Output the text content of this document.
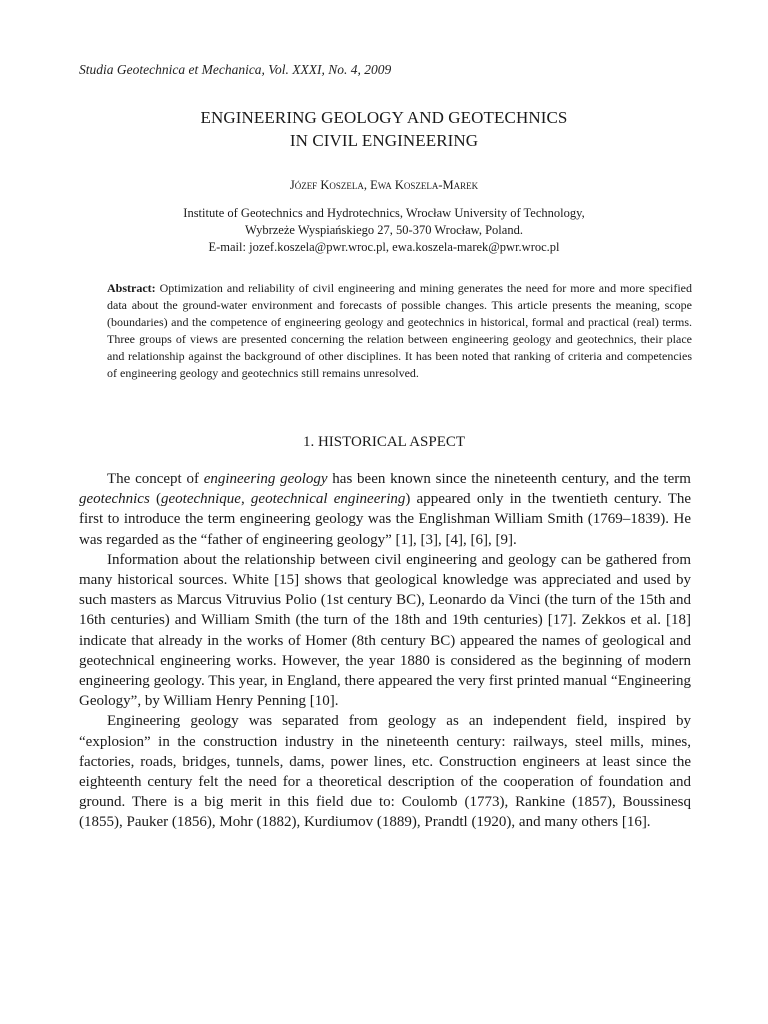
Studia Geotechnica et Mechanica, Vol. XXXI, No. 4, 2009
ENGINEERING GEOLOGY AND GEOTECHNICS
IN CIVIL ENGINEERING
Józef Koszela, Ewa Koszela-Marek
Institute of Geotechnics and Hydrotechnics, Wrocław University of Technology,
Wybrzeże Wyspiańskiego 27, 50-370 Wrocław, Poland.
E-mail: jozef.koszela@pwr.wroc.pl, ewa.koszela-marek@pwr.wroc.pl
Abstract: Optimization and reliability of civil engineering and mining generates the need for more and more specified data about the ground-water environment and forecasts of possible changes. This article presents the meaning, scope (boundaries) and the competence of engineering geology and geotechnics in historical, formal and practical (real) terms. Three groups of views are presented concerning the relation between engineering geology and geotechnics, their place and relationship against the background of other disciplines. It has been noted that ranking of criteria and competencies of engineering geology and geotechnics still remains unresolved.
1. HISTORICAL ASPECT

The concept of engineering geology has been known since the nineteenth century, and the term geotechnics (geotechnique, geotechnical engineering) appeared only in the twentieth century. The first to introduce the term engineering geology was the Englishman William Smith (1769–1839). He was regarded as the “father of engineering geology” [1], [3], [4], [6], [9].

Information about the relationship between civil engineering and geology can be gathered from many historical sources. White [15] shows that geological knowledge was appreciated and used by such masters as Marcus Vitruvius Polio (1st century BC), Leonardo da Vinci (the turn of the 15th and 16th centuries) and William Smith (the turn of the 18th and 19th centuries) [17]. Zekkos et al. [18] indicate that already in the works of Homer (8th century BC) appeared the names of geological and geotechnical engineering works. However, the year 1880 is considered as the beginning of modern engineering geology. This year, in England, there appeared the very first printed manual “Engineering Geology”, by William Henry Penning [10].

Engineering geology was separated from geology as an independent field, inspired by “explosion” in the construction industry in the nineteenth century: railways, steel mills, mines, factories, roads, bridges, tunnels, dams, power lines, etc. Construction engineers at least since the eighteenth century felt the need for a theoretical description of the cooperation of foundation and ground. There is a big merit in this field due to: Coulomb (1773), Rankine (1857), Boussinesq (1855), Pauker (1856), Mohr (1882), Kurdiumov (1889), Prandtl (1920), and many others [16].
